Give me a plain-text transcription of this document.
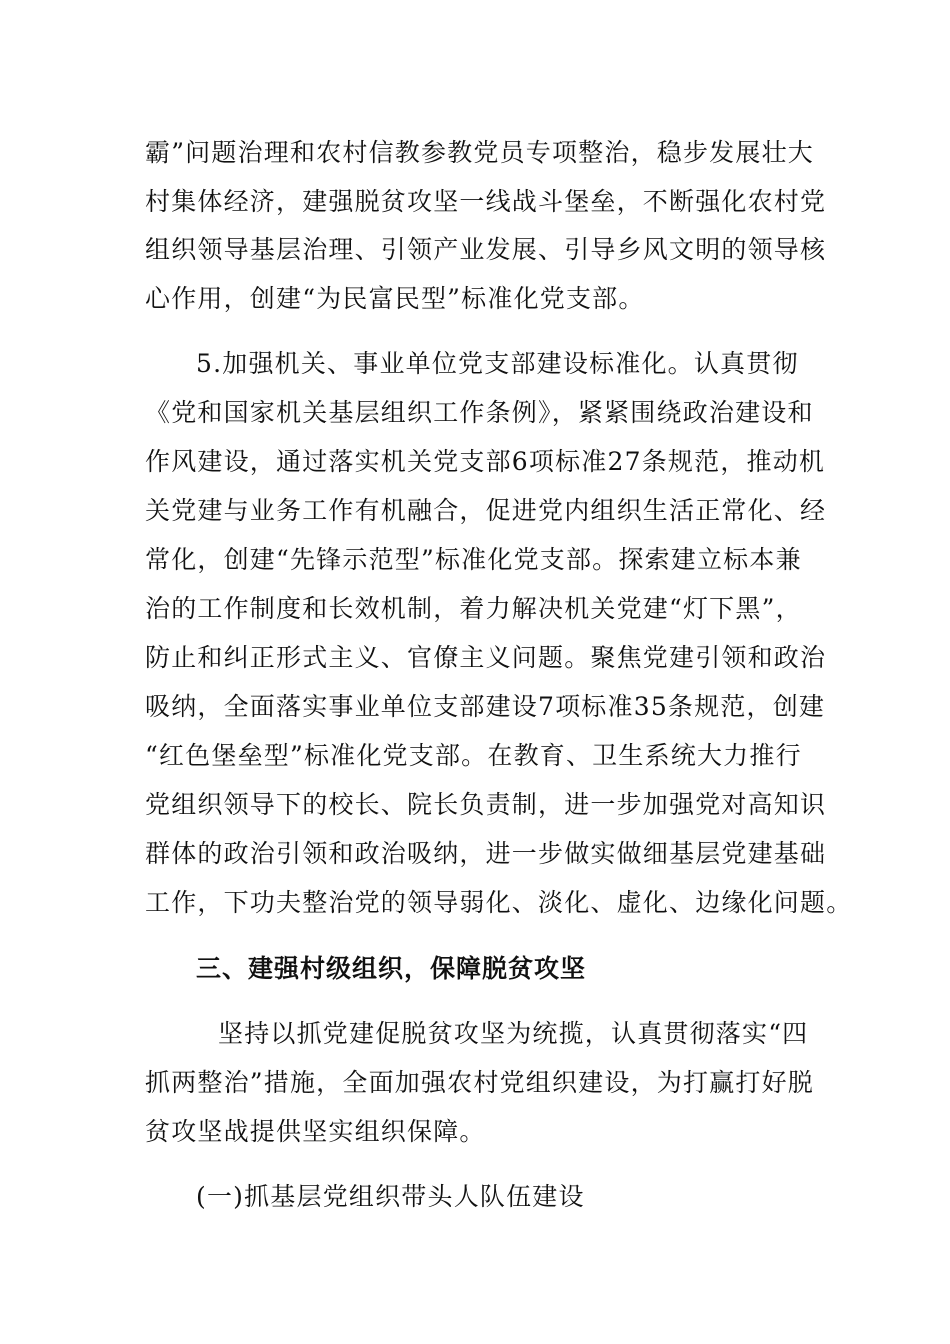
霸”问题治理和农村信教参教党员专项整治，稳步发展壮大
村集体经济，建强脱贫攻坚一线战斗堡垒，不断强化农村党
组织领导基层治理、引领产业发展、引导乡风文明的领导核
心作用，创建“为民富民型”标准化党支部。
5.加强机关、事业单位党支部建设标准化。认真贯彻
《党和国家机关基层组织工作条例》，紧紧围绕政治建设和
作风建设，通过落实机关党支部6项标准27条规范，推动机
关党建与业务工作有机融合，促进党内组织生活正常化、经
常化，创建“先锋示范型”标准化党支部。探索建立标本兼
治的工作制度和长效机制，着力解决机关党建“灯下黑”，
防止和纠正形式主义、官僚主义问题。聚焦党建引领和政治
吸纳，全面落实事业单位支部建设7项标准35条规范，创建
“红色堡垒型”标准化党支部。在教育、卫生系统大力推行
党组织领导下的校长、院长负责制，进一步加强党对高知识
群体的政治引领和政治吸纳，进一步做实做细基层党建基础
工作，下功夫整治党的领导弱化、淡化、虚化、边缘化问题。
三、建强村级组织，保障脱贫攻坚
坚持以抓党建促脱贫攻坚为统揽，认真贯彻落实“四
抓两整治”措施，全面加强农村党组织建设，为打赢打好脱
贫攻坚战提供坚实组织保障。
(一)抓基层党组织带头人队伍建设
